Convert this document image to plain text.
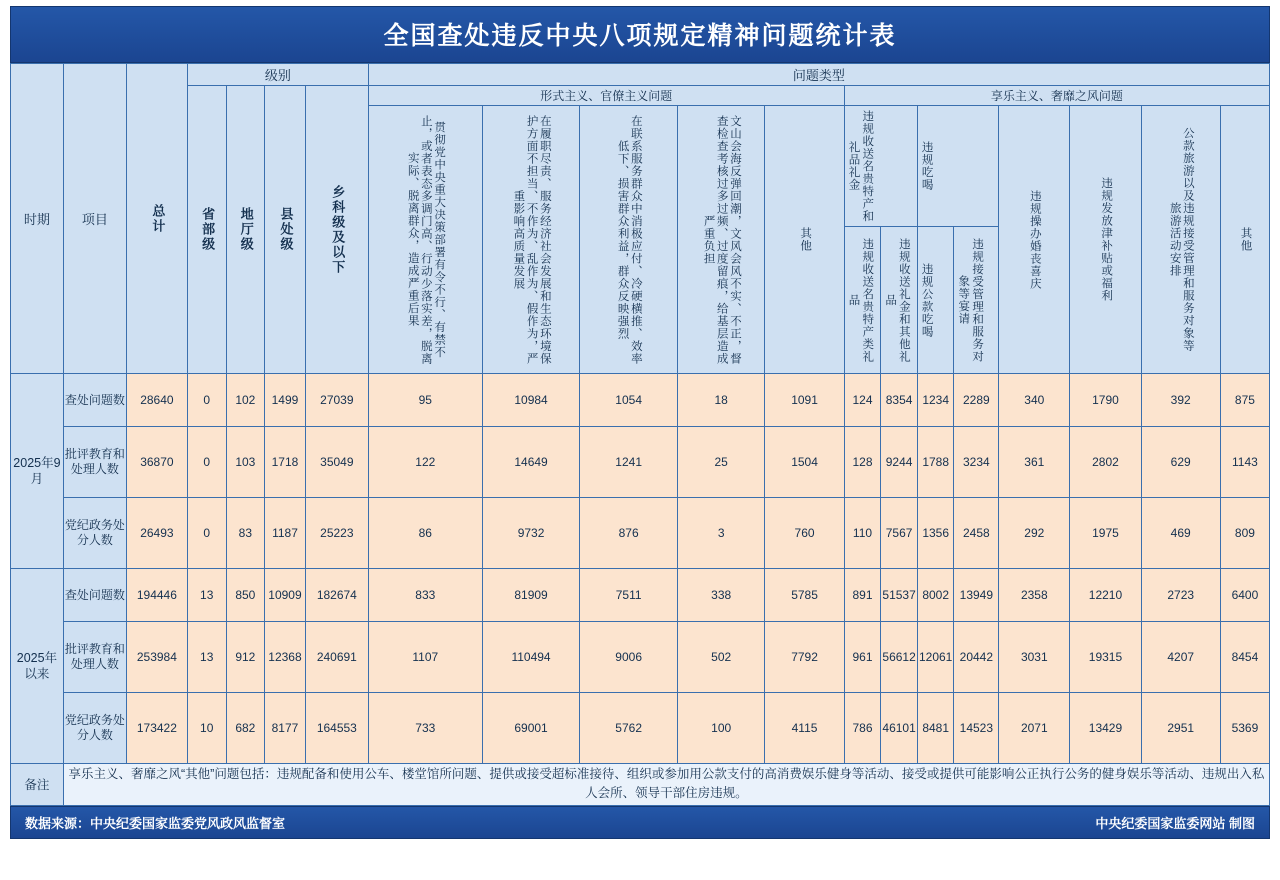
全国查处违反中央八项规定精神问题统计表
时期	项目	总计	级别				问题类型												

			省部级	地厅级	县处级	乡科级及以下	形式主义、官僚主义问题					享乐主义、奢靡之风问题							

							贯彻党中央重大决策部署有令不行、有禁不止，或者表态多调门高、行动少落实差，脱离实际、脱离群众，造成严重后果	在履职尽责、服务经济社会发展和生态环境保护方面不担当、不作为、乱作为、假作为，严重影响高质量发展	在联系服务群众中消极应付、冷硬横推、效率低下、损害群众利益，群众反映强烈	文山会海反弹回潮，文风会风不实、不正，督查检查考核过多过频、过度留痕，给基层造成严重负担	其他	违规收送名贵特产和礼品礼金		违规吃喝		违规操办婚丧喜庆	违规发放津补贴或福利	公款旅游以及违规接受管理和服务对象等旅游活动安排	其他

												违规收送名贵特产类礼品	违规收送礼金和其他礼品	违规公款吃喝	违规接受管理和服务对象等宴请				

2025年9月	查处问题数	28640	0	102	1499	27039	95	10984	1054	18	1091	124	8354	1234	2289	340	1790	392	875
	批评教育和处理人数	36870	0	103	1718	35049	122	14649	1241	25	1504	128	9244	1788	3234	361	2802	629	1143
	党纪政务处分人数	26493	0	83	1187	25223	86	9732	876	3	760	110	7567	1356	2458	292	1975	469	809
2025年以来	查处问题数	194446	13	850	10909	182674	833	81909	7511	338	5785	891	51537	8002	13949	2358	12210	2723	6400
	批评教育和处理人数	253984	13	912	12368	240691	1107	110494	9006	502	7792	961	56612	12061	20442	3031	19315	4207	8454
	党纪政务处分人数	173422	10	682	8177	164553	733	69001	5762	100	4115	786	46101	8481	14523	2071	13429	2951	5369
备注	享乐主义、奢靡之风“其他”问题包括：违规配备和使用公车、楼堂馆所问题、提供或接受超标准接待、组织或参加用公款支付的高消费娱乐健身等活动、接受或提供可能影响公正执行公务的健身娱乐等活动、违规出入私人会所、领导干部住房违规。																		
数据来源：中央纪委国家监委党风政风监督室	中央纪委国家监委网站 制图
